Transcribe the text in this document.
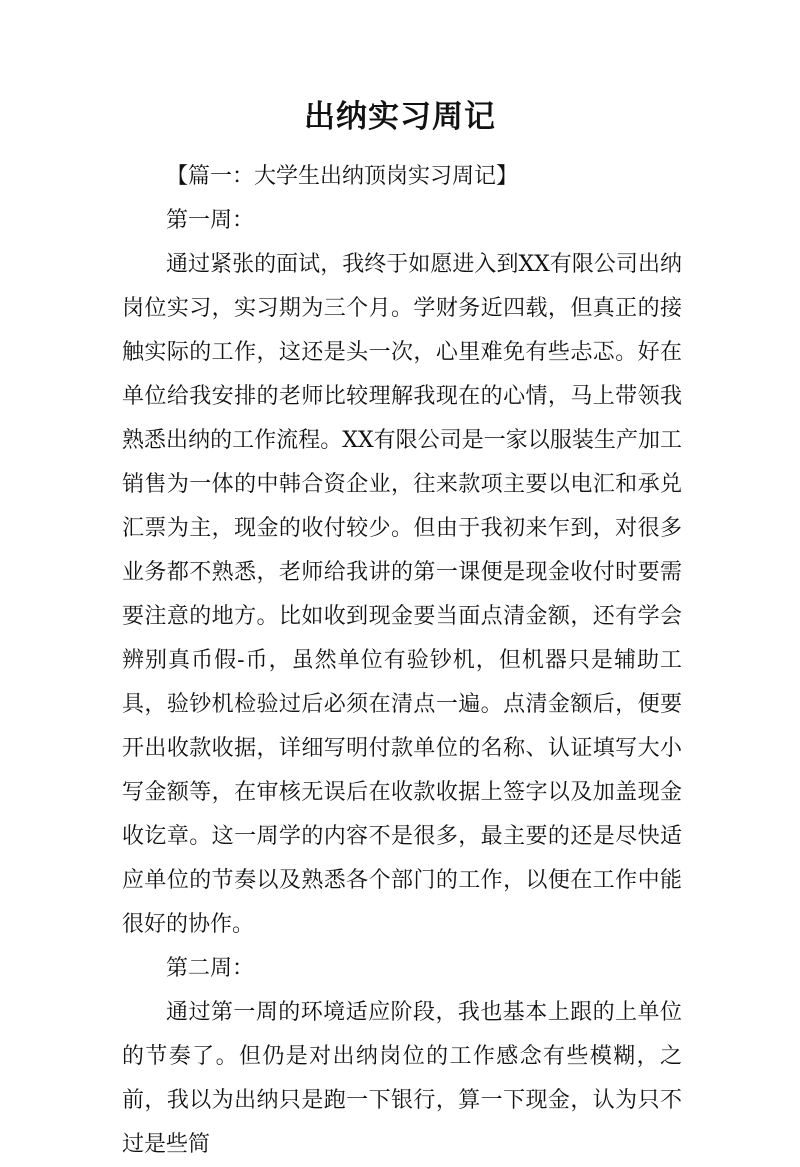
出纳实习周记

【篇一：大学生出纳顶岗实习周记】

第一周：

通过紧张的面试，我终于如愿进入到XX有限公司出纳岗位实习，实习期为三个月。学财务近四载，但真正的接触实际的工作，这还是头一次，心里难免有些忐忑。好在单位给我安排的老师比较理解我现在的心情，马上带领我熟悉出纳的工作流程。XX有限公司是一家以服装生产加工销售为一体的中韩合资企业，往来款项主要以电汇和承兑汇票为主，现金的收付较少。但由于我初来乍到，对很多业务都不熟悉，老师给我讲的第一课便是现金收付时要需要注意的地方。比如收到现金要当面点清金额，还有学会辨别真币假-币，虽然单位有验钞机，但机器只是辅助工具，验钞机检验过后必须在清点一遍。点清金额后，便要开出收款收据，详细写明付款单位的名称、认证填写大小写金额等，在审核无误后在收款收据上签字以及加盖现金收讫章。这一周学的内容不是很多，最主要的还是尽快适应单位的节奏以及熟悉各个部门的工作，以便在工作中能很好的协作。

第二周：

通过第一周的环境适应阶段，我也基本上跟的上单位的节奏了。但仍是对出纳岗位的工作感念有些模糊，之前，我以为出纳只是跑一下银行，算一下现金，认为只不过是些简
